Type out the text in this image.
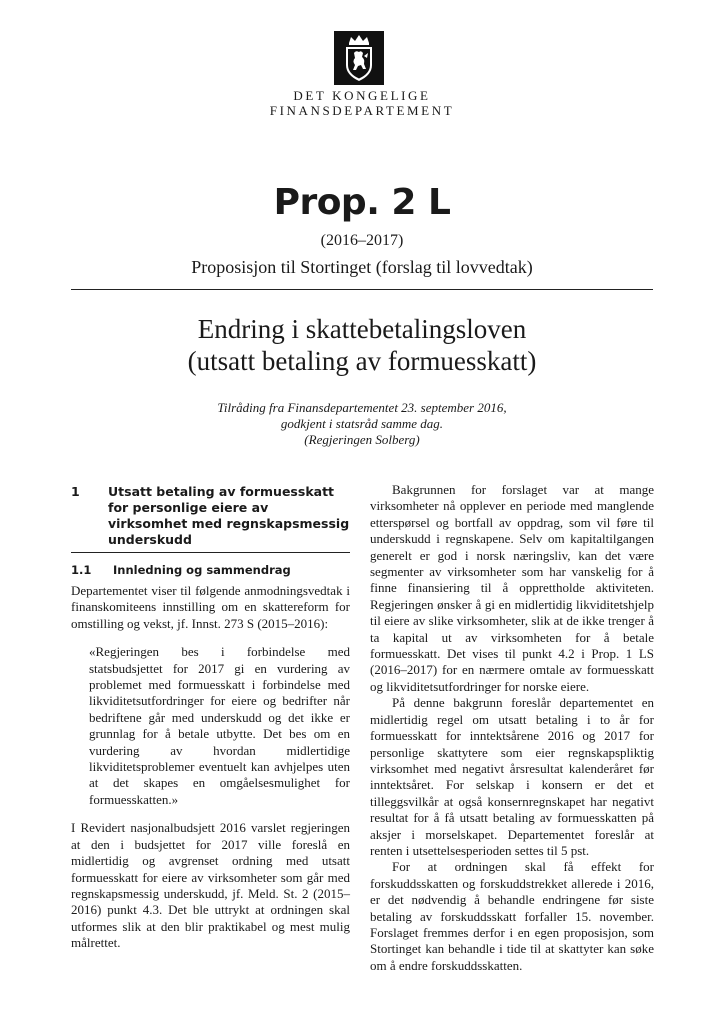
DET KONGELIGE
FINANSDEPARTEMENT
Prop. 2 L
(2016–2017)
Proposisjon til Stortinget (forslag til lovvedtak)
Endring i skattebetalingsloven
(utsatt betaling av formuesskatt)
Tilråding fra Finansdepartementet 23. september 2016,
godkjent i statsråd samme dag.
(Regjeringen Solberg)
1	Utsatt betaling av formuesskatt for personlige eiere av virksomhet med regnskapsmessig underskudd
1.1	Innledning og sammendrag

Departementet viser til følgende anmodningsvedtak i finanskomiteens innstilling om en skattereform for omstilling og vekst, jf. Innst. 273 S (2015–2016):

«Regjeringen bes i forbindelse med statsbudsjettet for 2017 gi en vurdering av problemet med formuesskatt i forbindelse med likviditetsutfordringer for eiere og bedrifter når bedriftene går med underskudd og det ikke er grunnlag for å betale utbytte. Det bes om en vurdering av hvordan midlertidige likviditetsproblemer eventuelt kan avhjelpes uten at det skapes en omgåelsesmulighet for formuesskatten.»

I Revidert nasjonalbudsjett 2016 varslet regjeringen at den i budsjettet for 2017 ville foreslå en midlertidig og avgrenset ordning med utsatt formuesskatt for eiere av virksomheter som går med regnskapsmessig underskudd, jf. Meld. St. 2 (2015–2016) punkt 4.3. Det ble uttrykt at ordningen skal utformes slik at den blir praktikabel og mest mulig målrettet.

Bakgrunnen for forslaget var at mange virksomheter nå opplever en periode med manglende etterspørsel og bortfall av oppdrag, som vil føre til underskudd i regnskapene. Selv om kapitaltilgangen generelt er god i norsk næringsliv, kan det være segmenter av virksomheter som har vanskelig for å finne finansiering til å opprettholde aktiviteten. Regjeringen ønsker å gi en midlertidig likviditetshjelp til eiere av slike virksomheter, slik at de ikke trenger å ta kapital ut av virksomheten for å betale formuesskatt. Det vises til punkt 4.2 i Prop. 1 LS (2016–2017) for en nærmere omtale av formuesskatt og likviditetsutfordringer for norske eiere.

På denne bakgrunn foreslår departementet en midlertidig regel om utsatt betaling i to år for formuesskatt for inntektsårene 2016 og 2017 for personlige skattytere som eier regnskapspliktig virksomhet med negativt årsresultat kalenderåret før inntektsåret. For selskap i konsern er det et tilleggsvilkår at også konsernregnskapet har negativt resultat for å få utsatt betaling av formuesskatten på aksjer i morselskapet. Departementet foreslår at renten i utsettelsesperioden settes til 5 pst.

For at ordningen skal få effekt for forskuddsskatten og forskuddstrekket allerede i 2016, er det nødvendig å behandle endringene før siste betaling av forskuddsskatt forfaller 15. november. Forslaget fremmes derfor i en egen proposisjon, som Stortinget kan behandle i tide til at skattyter kan søke om å endre forskuddsskatten.
